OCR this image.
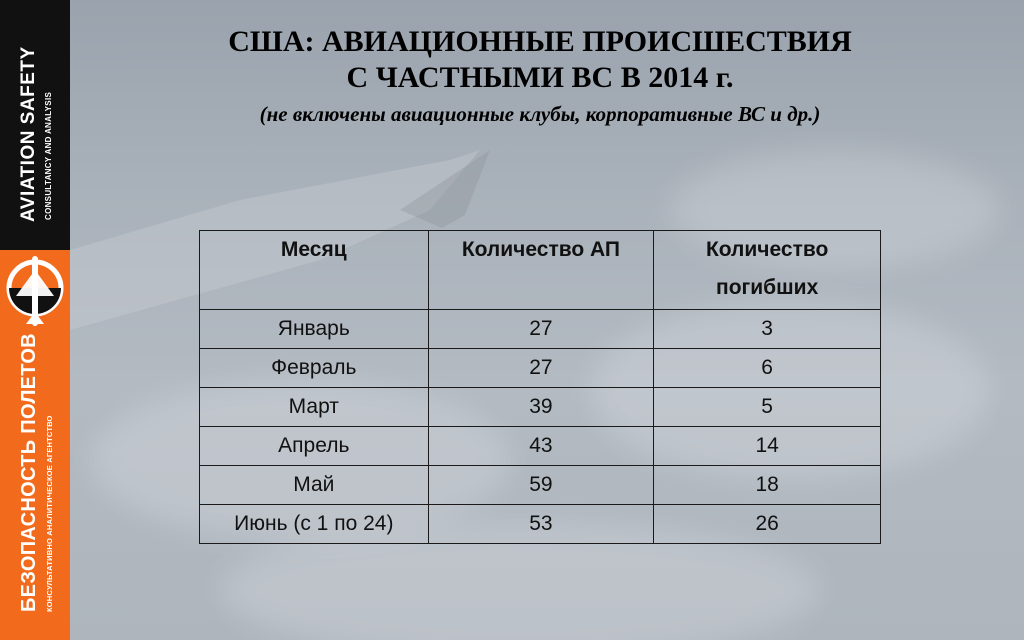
AVIATION SAFETY CONSULTANCY AND ANALYSIS
БЕЗОПАСНОСТЬ ПОЛЕТОВ КОНСУЛЬТАТИВНО АНАЛИТИЧЕСКОЕ АГЕНТСТВО
США: АВИАЦИОННЫЕ ПРОИСШЕСТВИЯ
С ЧАСТНЫМИ ВС В 2014 г.
(не включены авиационные клубы, корпоративные ВС и др.)
Месяц	Количество АП	Количество погибших
Январь	27	3
Февраль	27	6
Март	39	5
Апрель	43	14
Май	59	18
Июнь (с 1 по 24)	53	26
